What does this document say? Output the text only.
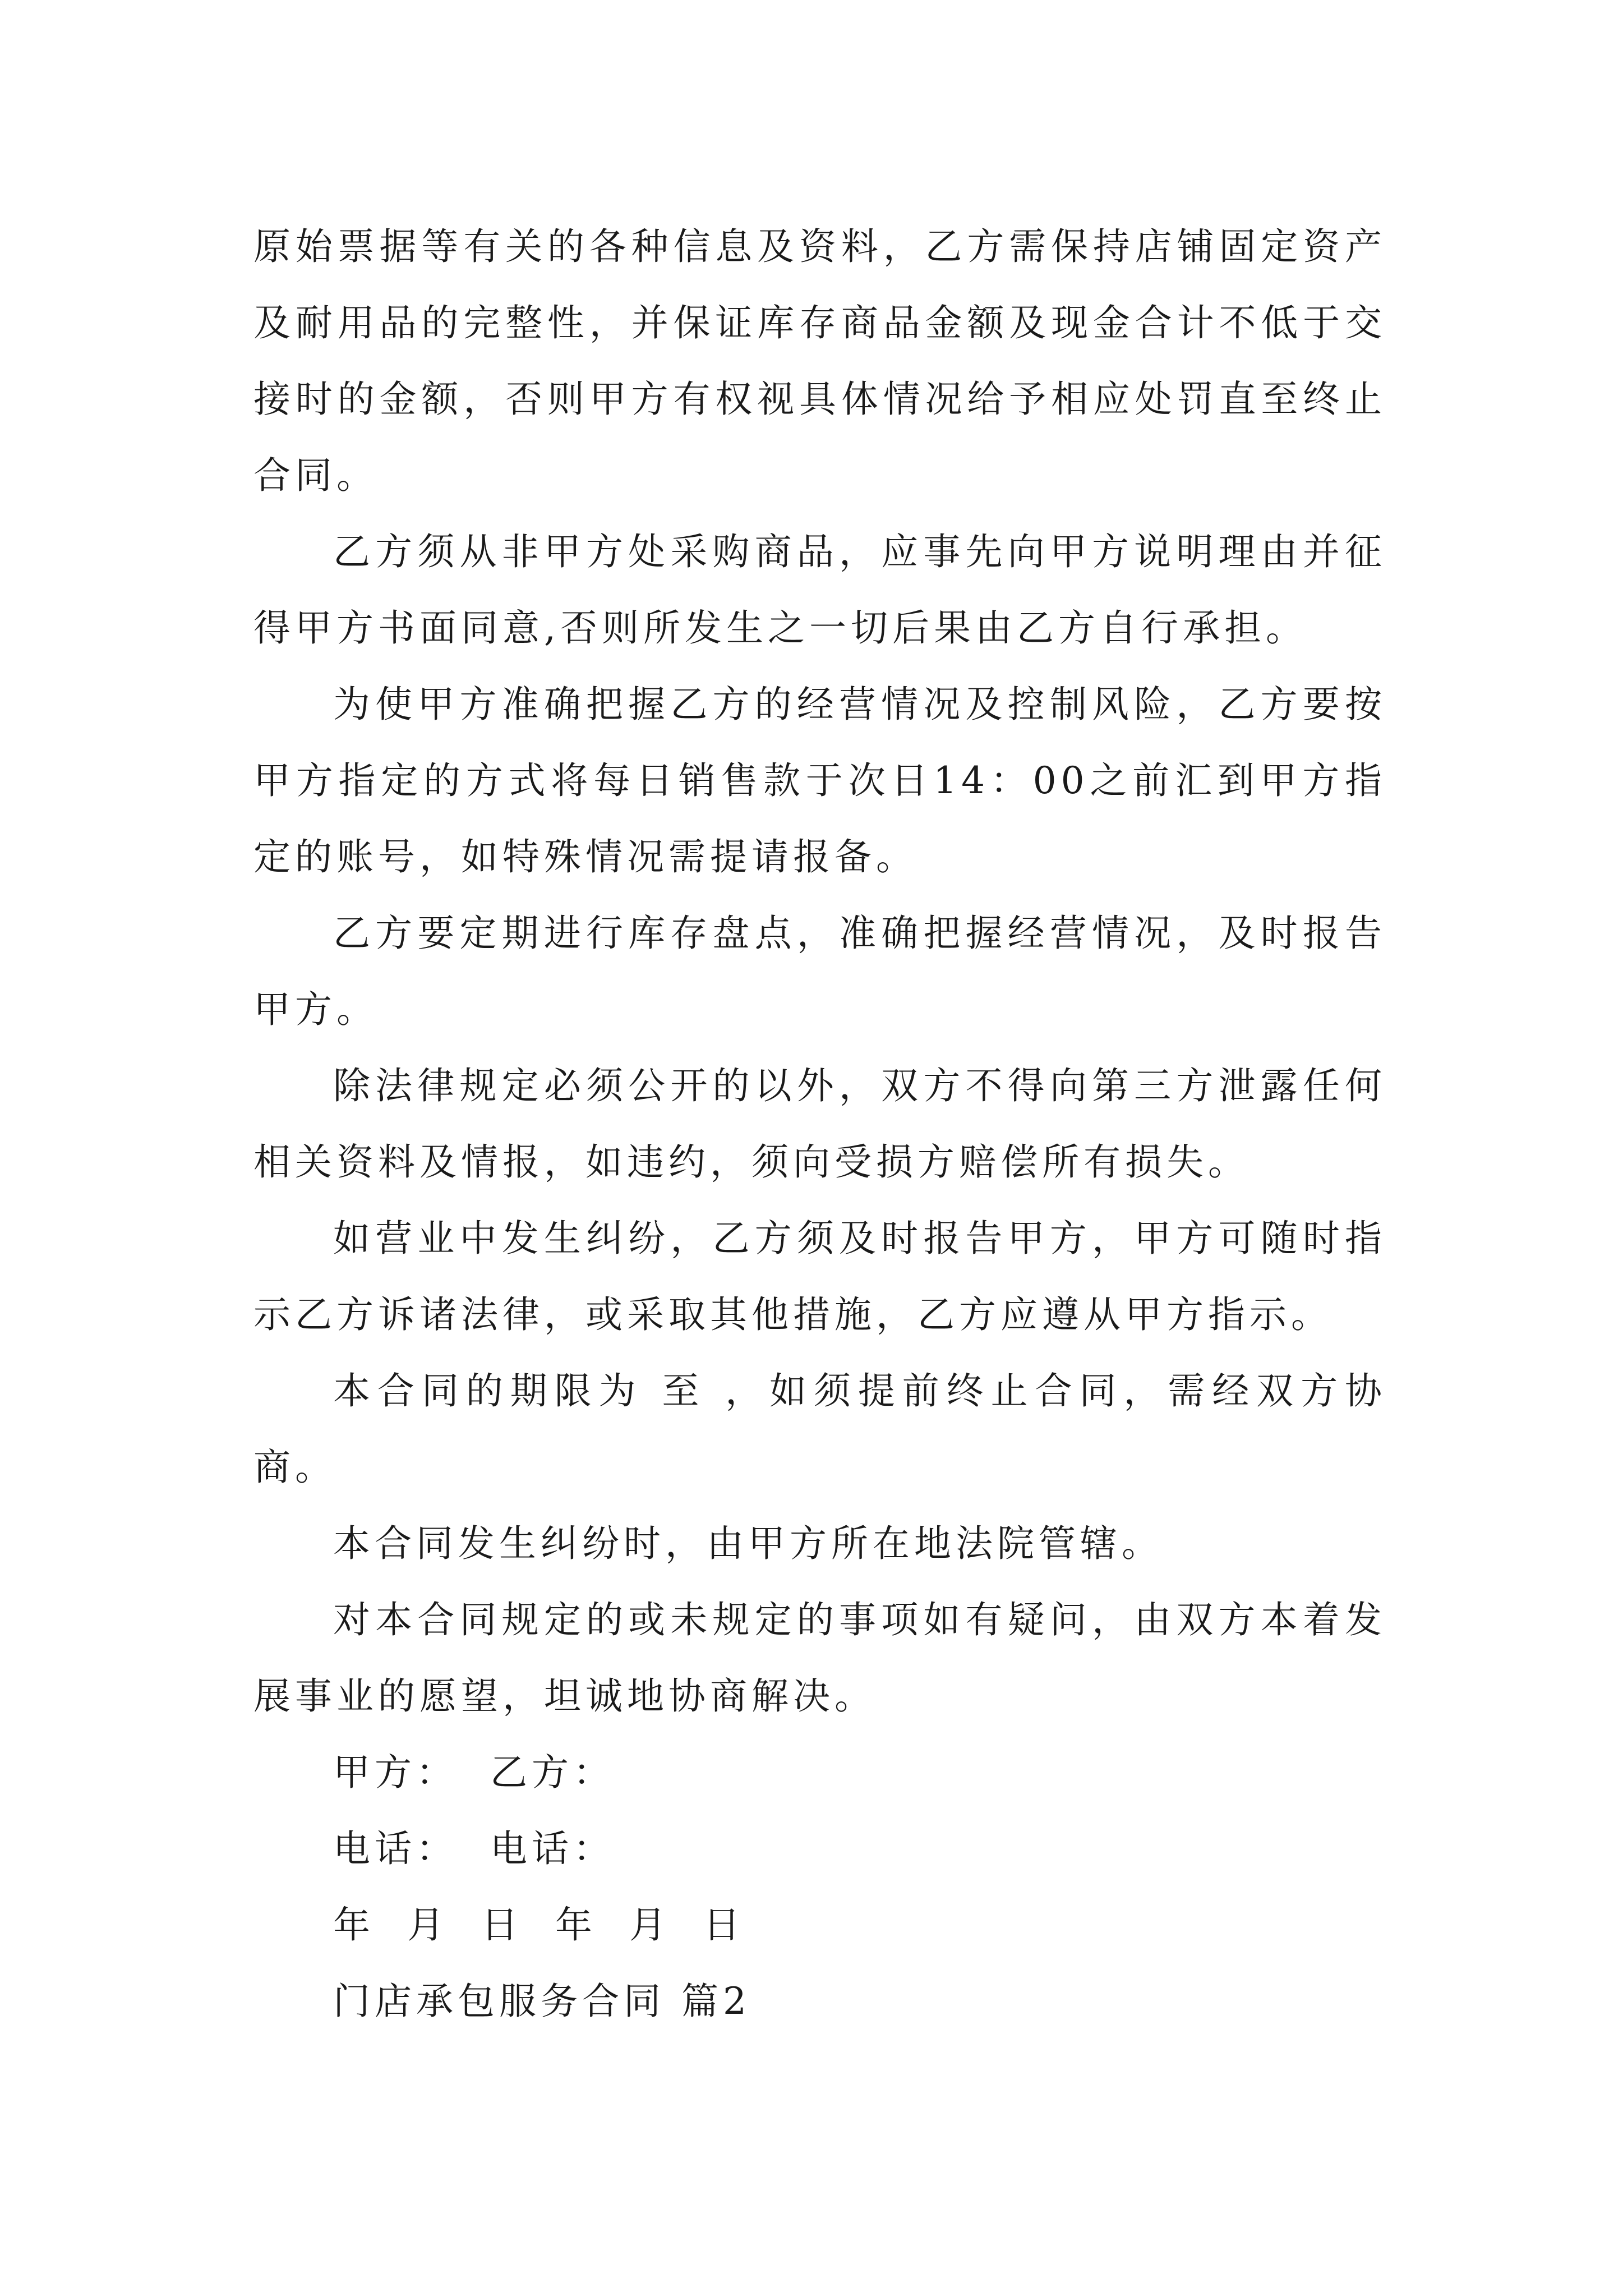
原始票据等有关的各种信息及资料，乙方需保持店铺固定资产及耐用品的完整性，并保证库存商品金额及现金合计不低于交接时的金额，否则甲方有权视具体情况给予相应处罚直至终止合同。

乙方须从非甲方处采购商品，应事先向甲方说明理由并征得甲方书面同意,否则所发生之一切后果由乙方自行承担。

为使甲方准确把握乙方的经营情况及控制风险，乙方要按甲方指定的方式将每日销售款于次日14：00之前汇到甲方指定的账号，如特殊情况需提请报备。

乙方要定期进行库存盘点，准确把握经营情况，及时报告甲方。

除法律规定必须公开的以外，双方不得向第三方泄露任何相关资料及情报，如违约，须向受损方赔偿所有损失。

如营业中发生纠纷，乙方须及时报告甲方，甲方可随时指示乙方诉诸法律，或采取其他措施，乙方应遵从甲方指示。

本合同的期限为 至 ，如须提前终止合同，需经双方协商。

本合同发生纠纷时，由甲方所在地法院管辖。

对本合同规定的或未规定的事项如有疑问，由双方本着发展事业的愿望，坦诚地协商解决。

甲方：  乙方：

电话：  电话：

年  月  日  年  月  日

门店承包服务合同 篇2
